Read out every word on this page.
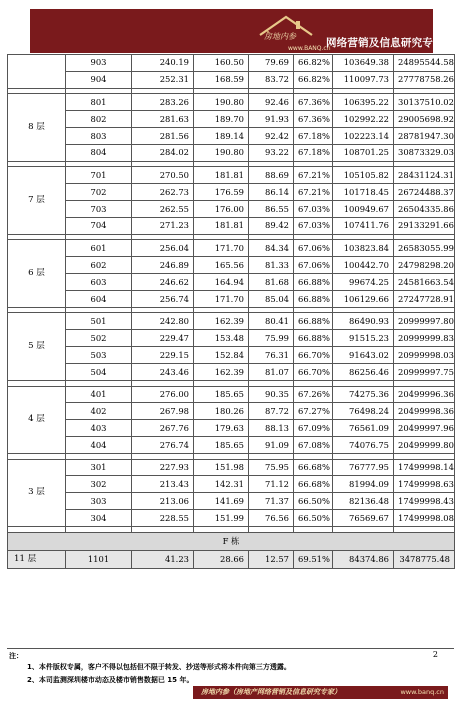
房地内参
www.BANQ.cn
网络营销及信息研究专家
	903	240.19	160.50	79.69	66.82%	103649.38	24895544.58
	904	252.31	168.59	83.72	66.82%	110097.73	27778758.26

8 层	801	283.26	190.80	92.46	67.36%	106395.22	30137510.02
	802	281.63	189.70	91.93	67.36%	102992.22	29005698.92
	803	281.56	189.14	92.42	67.18%	102223.14	28781947.30
	804	284.02	190.80	93.22	67.18%	108701.25	30873329.03

7 层	701	270.50	181.81	88.69	67.21%	105105.82	28431124.31
	702	262.73	176.59	86.14	67.21%	101718.45	26724488.37
	703	262.55	176.00	86.55	67.03%	100949.67	26504335.86
	704	271.23	181.81	89.42	67.03%	107411.76	29133291.66

6 层	601	256.04	171.70	84.34	67.06%	103823.84	26583055.99
	602	246.89	165.56	81.33	67.06%	100442.70	24798298.20
	603	246.62	164.94	81.68	66.88%	99674.25	24581663.54
	604	256.74	171.70	85.04	66.88%	106129.66	27247728.91

5 层	501	242.80	162.39	80.41	66.88%	86490.93	20999997.80
	502	229.47	153.48	75.99	66.88%	91515.23	20999999.83
	503	229.15	152.84	76.31	66.70%	91643.02	20999998.03
	504	243.46	162.39	81.07	66.70%	86256.46	20999997.75

4 层	401	276.00	185.65	90.35	67.26%	74275.36	20499996.36
	402	267.98	180.26	87.72	67.27%	76498.24	20499998.36
	403	267.76	179.63	88.13	67.09%	76561.09	20499997.96
	404	276.74	185.65	91.09	67.08%	74076.75	20499999.80

3 层	301	227.93	151.98	75.95	66.68%	76777.95	17499998.14
	302	213.43	142.31	71.12	66.68%	81994.09	17499998.63
	303	213.06	141.69	71.37	66.50%	82136.48	17499998.43
	304	228.55	151.99	76.56	66.50%	76569.67	17499998.08

F 栋							
11 层	1101	41.23	28.66	12.57	69.51%	84374.86	3478775.48
注：
1、本件版权专属，客户不得以包括但不限于转发、抄送等形式将本件向第三方透露。
2、本司监测深圳楼市动态及楼市销售数据已 15 年。
2
房地内参（房地产网络营销及信息研究专家）	www.banq.cn
